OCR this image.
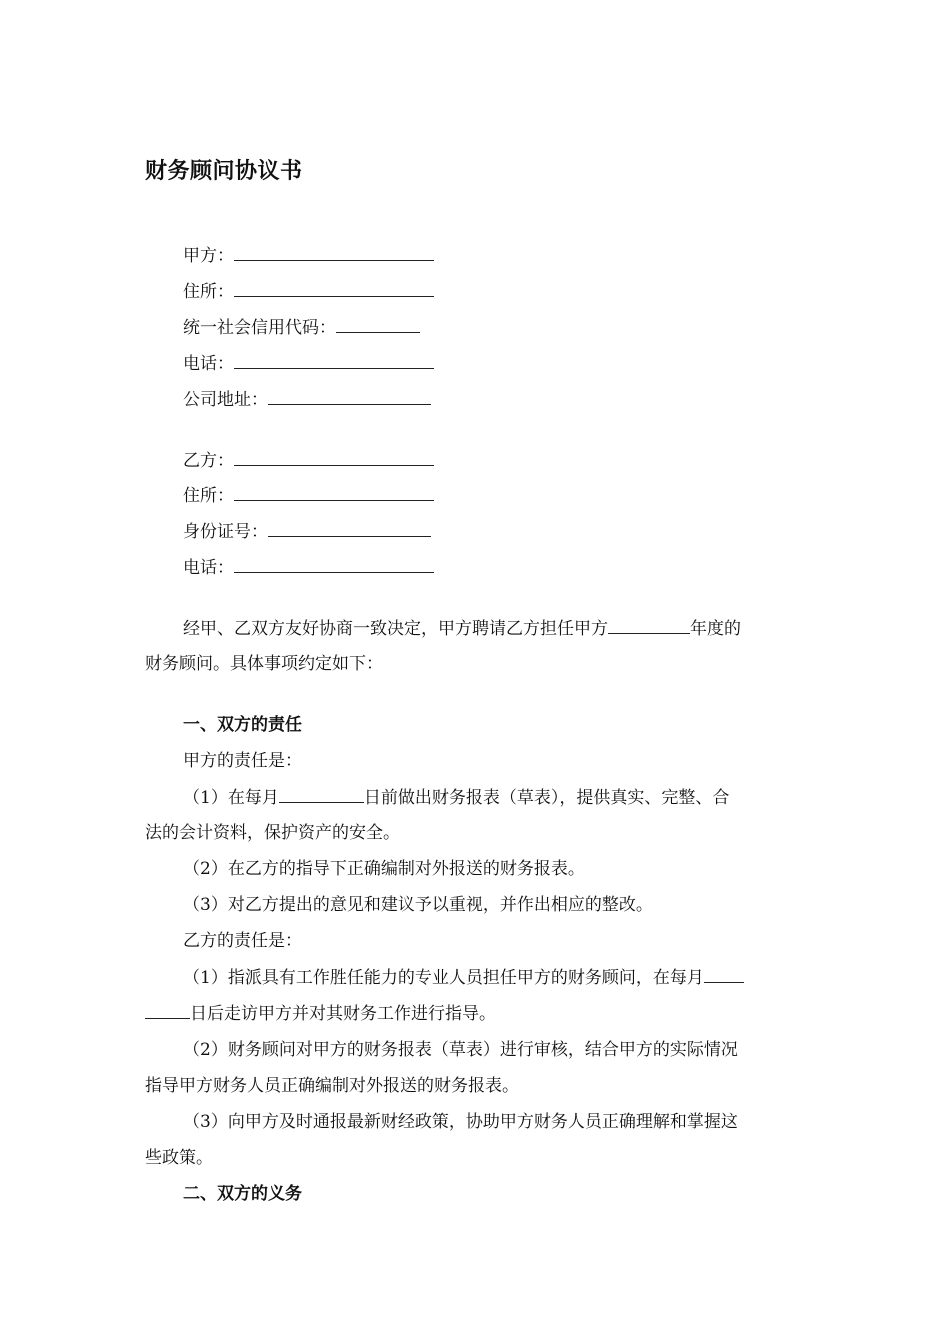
财务顾问协议书
甲方：
住所：
统一社会信用代码：
电话：
公司地址：
乙方：
住所：
身份证号：
电话：
经甲、乙双方友好协商一致决定，甲方聘请乙方担任甲方	年度的
财务顾问。具体事项约定如下：
一、双方的责任
甲方的责任是：
（1）在每月	日前做出财务报表（草表），提供真实、完整、合
法的会计资料，保护资产的安全。
（2）在乙方的指导下正确编制对外报送的财务报表。
（3）对乙方提出的意见和建议予以重视，并作出相应的整改。
乙方的责任是：
（1）指派具有工作胜任能力的专业人员担任甲方的财务顾问，在每月
日后走访甲方并对其财务工作进行指导。
（2）财务顾问对甲方的财务报表（草表）进行审核，结合甲方的实际情况
指导甲方财务人员正确编制对外报送的财务报表。
（3）向甲方及时通报最新财经政策，协助甲方财务人员正确理解和掌握这
些政策。
二、双方的义务
